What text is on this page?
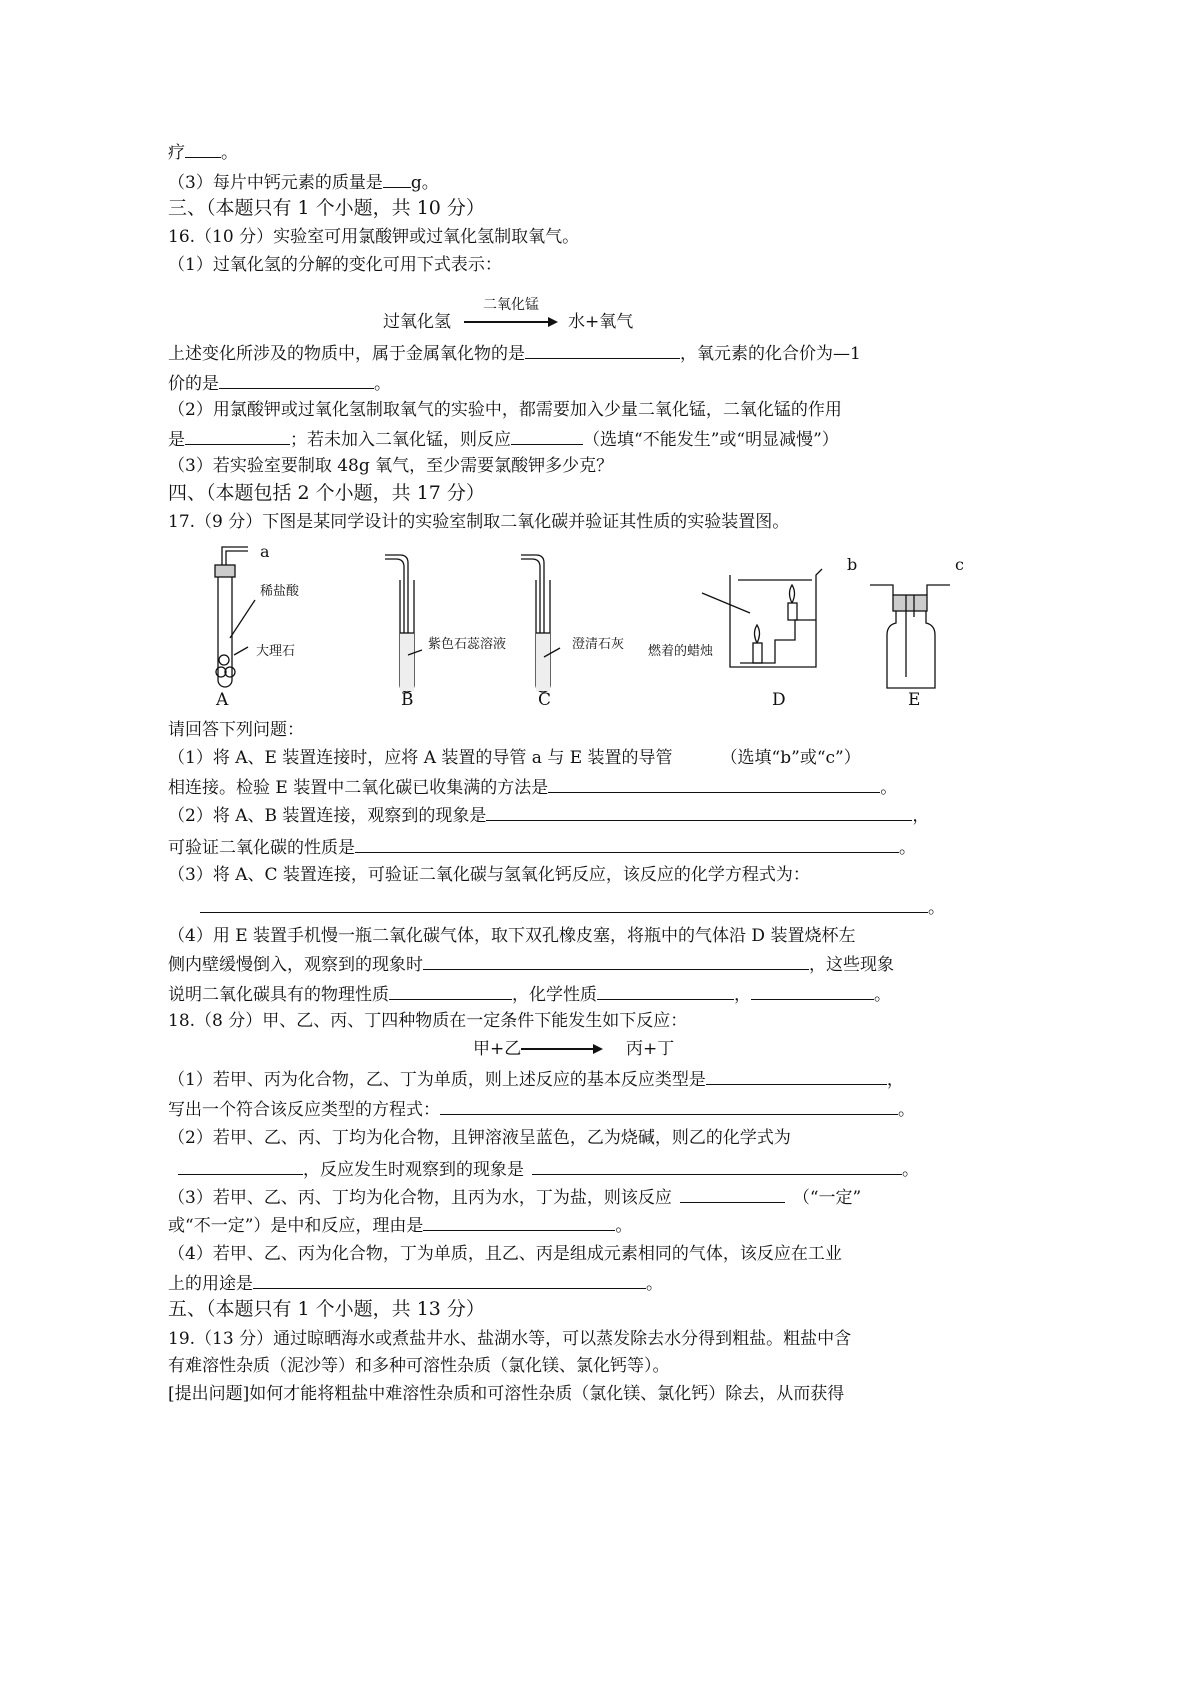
疗 。
（3）每片中钙元素的质量是 g。
三、（本题只有 1 个小题，共 10 分）
16.（10 分）实验室可用氯酸钾或过氧化氢制取氧气。
（1）过氧化氢的分解的变化可用下式表示：
二氧化锰
过氧化氢	水+氧气
上述变化所涉及的物质中，属于金属氧化物的是	，氧元素的化合价为—1
价的是	。
（2）用氯酸钾或过氧化氢制取氧气的实验中，都需要加入少量二氧化锰，二氧化锰的作用
是	；若未加入二氧化锰，则反应	（选填“不能发生”或“明显减慢”）
（3）若实验室要制取 48g 氧气，至少需要氯酸钾多少克？
四、（本题包括 2 个小题，共 17 分）
17.（9 分）下图是某同学设计的实验室制取二氧化碳并验证其性质的实验装置图。
a
稀盐酸
大理石	紫色石蕊溶液	澄清石灰 燃着的蜡烛
b	c
A	B	C	D	E
请回答下列问题：
（1）将 A、E 装置连接时，应将 A 装置的导管 a 与 E 装置的导管	（选填“b”或“c”）
相连接。检验 E 装置中二氧化碳已收集满的方法是	。
（2）将 A、B 装置连接，观察到的现象是	，
可验证二氧化碳的性质是	。
（3）将 A、C 装置连接，可验证二氧化碳与氢氧化钙反应，该反应的化学方程式为：
。
（4）用 E 装置手机慢一瓶二氧化碳气体，取下双孔橡皮塞，将瓶中的气体沿 D 装置烧杯左
侧内壁缓慢倒入，观察到的现象时	，这些现象
说明二氧化碳具有的物理性质	，化学性质	，	。
18.（8 分）甲、乙、丙、丁四种物质在一定条件下能发生如下反应：
甲+乙	丙+丁
（1）若甲、丙为化合物，乙、丁为单质，则上述反应的基本反应类型是	，
写出一个符合该反应类型的方程式：	。
（2）若甲、乙、丙、丁均为化合物，且钾溶液呈蓝色，乙为烧碱，则乙的化学式为
，反应发生时观察到的现象是	。
（3）若甲、乙、丙、丁均为化合物，且丙为水，丁为盐，则该反应	（“一定”
或“不一定”）是中和反应，理由是	。
（4）若甲、乙、丙为化合物，丁为单质，且乙、丙是组成元素相同的气体，该反应在工业
上的用途是	。
五、（本题只有 1 个小题，共 13 分）
19.（13 分）通过晾晒海水或煮盐井水、盐湖水等，可以蒸发除去水分得到粗盐。粗盐中含
有难溶性杂质（泥沙等）和多种可溶性杂质（氯化镁、氯化钙等）。
[提出问题]如何才能将粗盐中难溶性杂质和可溶性杂质（氯化镁、氯化钙）除去，从而获得
